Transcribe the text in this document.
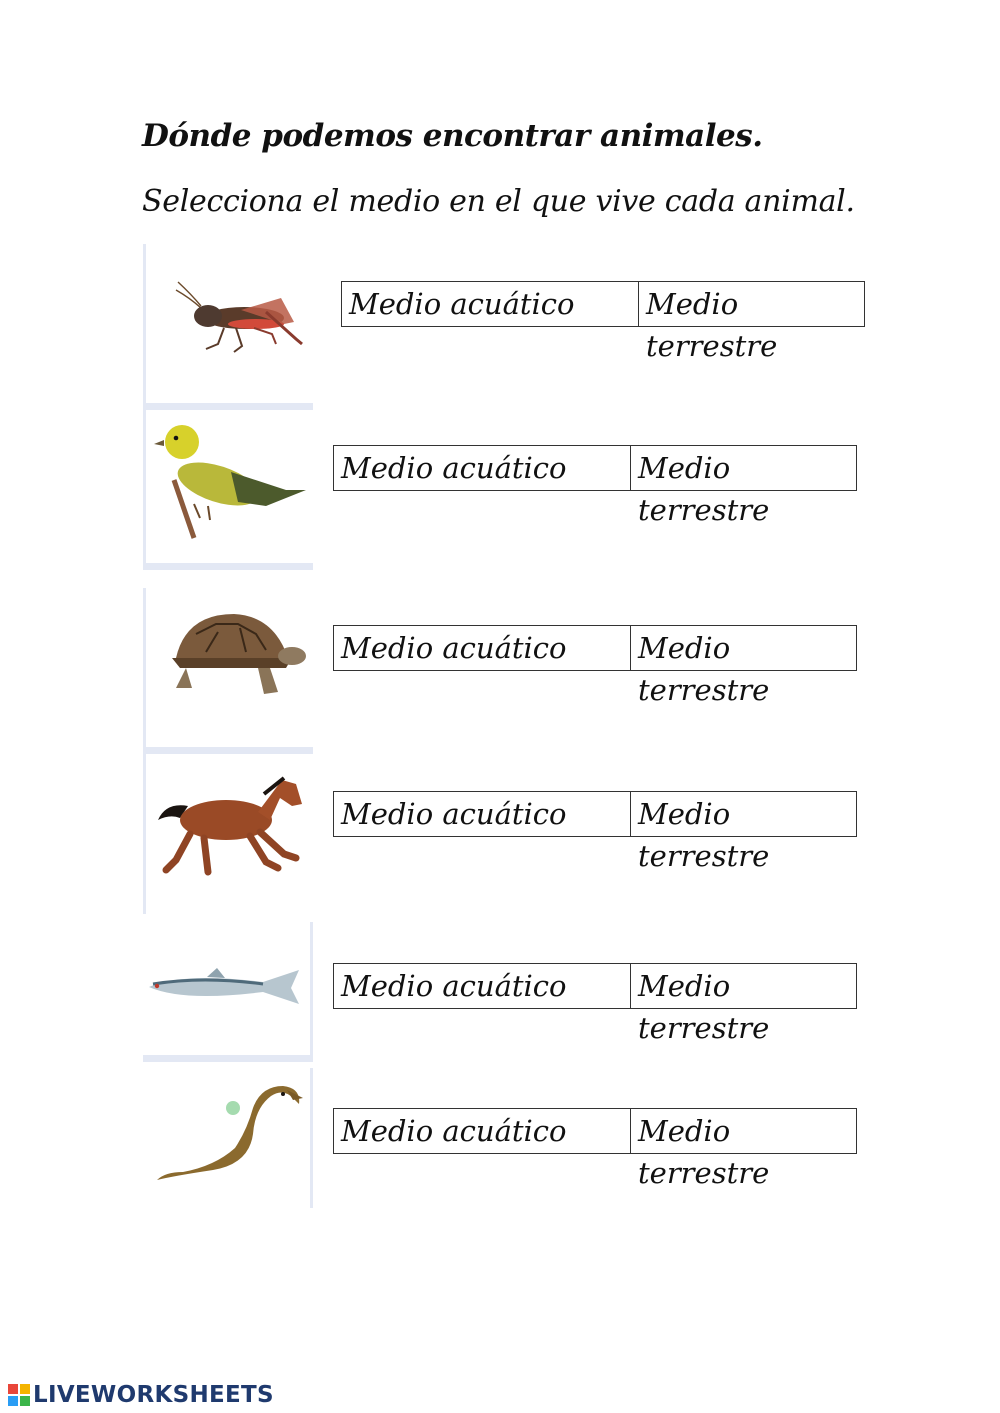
Dónde podemos encontrar animales.
Selecciona el medio en el que vive cada animal.
Medio acuático	Medio terrestre
Medio acuático	Medio terrestre
Medio acuático	Medio terrestre
Medio acuático	Medio terrestre
Medio acuático	Medio terrestre
Medio acuático	Medio terrestre
LIVEWORKSHEETS
